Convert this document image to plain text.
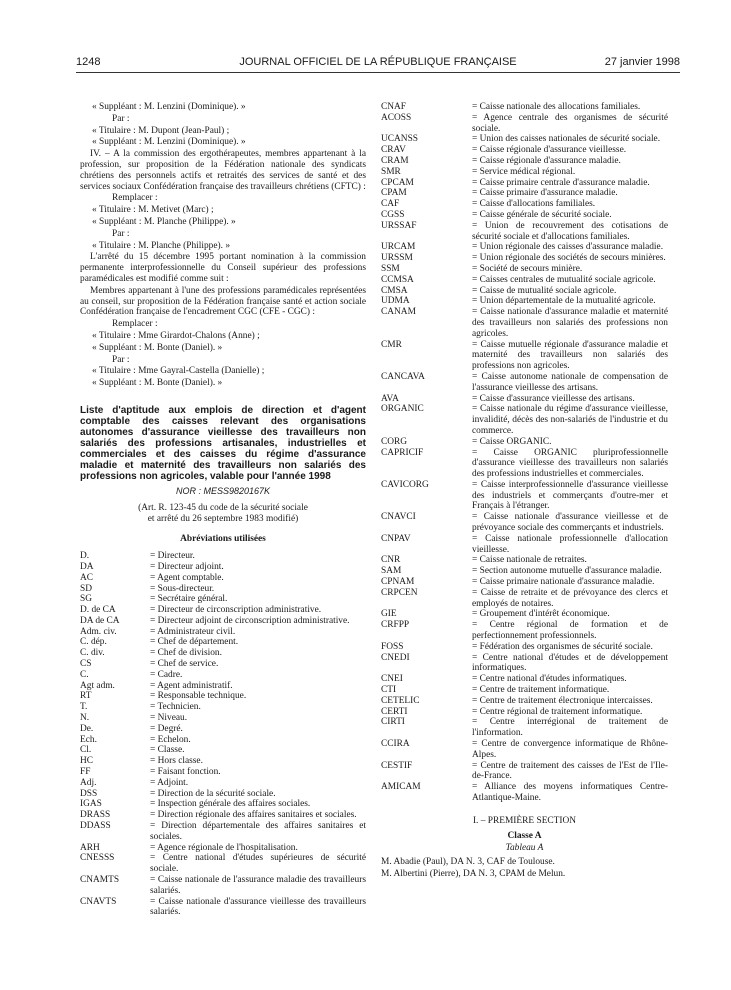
1248	JOURNAL OFFICIEL DE LA RÉPUBLIQUE FRANÇAISE	27 janvier 1998

« Suppléant : M. Lenzini (Dominique). »

Par :

« Titulaire : M. Dupont (Jean-Paul) ;

« Suppléant : M. Lenzini (Dominique). »

IV. – A la commission des ergothérapeutes, membres appartenant à la profession, sur proposition de la Fédération nationale des syndicats chrétiens des personnels actifs et retraités des services de santé et des services sociaux Confédération française des travailleurs chrétiens (CFTC) :

Remplacer :

« Titulaire : M. Metivet (Marc) ;

« Suppléant : M. Planche (Philippe). »

Par :

« Titulaire : M. Planche (Philippe). »

L'arrêté du 15 décembre 1995 portant nomination à la commission permanente interprofessionnelle du Conseil supérieur des professions paramédicales est modifié comme suit :

Membres appartenant à l'une des professions paramédicales représentées au conseil, sur proposition de la Fédération française santé et action sociale Confédération française de l'encadrement CGC (CFE - CGC) :

Remplacer :

« Titulaire : Mme Girardot-Chalons (Anne) ;

« Suppléant : M. Bonte (Daniel). »

Par :

« Titulaire : Mme Gayral-Castella (Danielle) ;

« Suppléant : M. Bonte (Daniel). »

Liste d'aptitude aux emplois de direction et d'agent comptable des caisses relevant des organisations autonomes d'assurance vieillesse des travailleurs non salariés des professions artisanales, industrielles et commerciales et des caisses du régime d'assurance maladie et maternité des travailleurs non salariés des professions non agricoles, valable pour l'année 1998
NOR : MESS9820167K

(Art. R. 123-45 du code de la sécurité sociale

et arrêté du 26 septembre 1983 modifié)

Abréviations utilisées
D.	= Directeur.
DA	= Directeur adjoint.
AC	= Agent comptable.
SD	= Sous-directeur.
SG	= Secrétaire général.
D. de CA	= Directeur de circonscription administrative.
DA de CA	= Directeur adjoint de circonscription administrative.
Adm. civ.	= Administrateur civil.
C. dép.	= Chef de département.
C. div.	= Chef de division.
CS	= Chef de service.
C.	= Cadre.
Agt adm.	= Agent administratif.
RT	= Responsable technique.
T.	= Technicien.
N.	= Niveau.
De.	= Degré.
Ech.	= Echelon.
Cl.	= Classe.
HC	= Hors classe.
FF	= Faisant fonction.
Adj.	= Adjoint.
DSS	= Direction de la sécurité sociale.
IGAS	= Inspection générale des affaires sociales.
DRASS	= Direction régionale des affaires sanitaires et sociales.
DDASS	= Direction départementale des affaires sanitaires et sociales.
ARH	= Agence régionale de l'hospitalisation.
CNESSS	= Centre national d'études supérieures de sécurité sociale.
CNAMTS	= Caisse nationale de l'assurance maladie des travailleurs salariés.
CNAVTS	= Caisse nationale d'assurance vieillesse des travailleurs salariés.
CNAF	= Caisse nationale des allocations familiales.
ACOSS	= Agence centrale des organismes de sécurité sociale.
UCANSS	= Union des caisses nationales de sécurité sociale.
CRAV	= Caisse régionale d'assurance vieillesse.
CRAM	= Caisse régionale d'assurance maladie.
SMR	= Service médical régional.
CPCAM	= Caisse primaire centrale d'assurance maladie.
CPAM	= Caisse primaire d'assurance maladie.
CAF	= Caisse d'allocations familiales.
CGSS	= Caisse générale de sécurité sociale.
URSSAF	= Union de recouvrement des cotisations de sécurité sociale et d'allocations familiales.
URCAM	= Union régionale des caisses d'assurance maladie.
URSSM	= Union régionale des sociétés de secours minières.
SSM	= Société de secours minière.
CCMSA	= Caisses centrales de mutualité sociale agricole.
CMSA	= Caisse de mutualité sociale agricole.
UDMA	= Union départementale de la mutualité agricole.
CANAM	= Caisse nationale d'assurance maladie et maternité des travailleurs non salariés des professions non agricoles.
CMR	= Caisse mutuelle régionale d'assurance maladie et maternité des travailleurs non salariés des professions non agricoles.
CANCAVA	= Caisse autonome nationale de compensation de l'assurance vieillesse des artisans.
AVA	= Caisse d'assurance vieillesse des artisans.
ORGANIC	= Caisse nationale du régime d'assurance vieillesse, invalidité, décès des non-salariés de l'industrie et du commerce.
CORG	= Caisse ORGANIC.
CAPRICIF	= Caisse ORGANIC pluriprofessionnelle d'assurance vieillesse des travailleurs non salariés des professions industrielles et commerciales.
CAVICORG	= Caisse interprofessionnelle d'assurance vieillesse des industriels et commerçants d'outre-mer et Français à l'étranger.
CNAVCI	= Caisse nationale d'assurance vieillesse et de prévoyance sociale des commerçants et industriels.
CNPAV	= Caisse nationale professionnelle d'allocation vieillesse.
CNR	= Caisse nationale de retraites.
SAM	= Section autonome mutuelle d'assurance maladie.
CPNAM	= Caisse primaire nationale d'assurance maladie.
CRPCEN	= Caisse de retraite et de prévoyance des clercs et employés de notaires.
GIE	= Groupement d'intérêt économique.
CRFPP	= Centre régional de formation et de perfectionnement professionnels.
FOSS	= Fédération des organismes de sécurité sociale.
CNEDI	= Centre national d'études et de développement informatiques.
CNEI	= Centre national d'études informatiques.
CTI	= Centre de traitement informatique.
CETELIC	= Centre de traitement électronique intercaisses.
CERTI	= Centre régional de traitement informatique.
CIRTI	= Centre interrégional de traitement de l'information.
CCIRA	= Centre de convergence informatique de Rhône-Alpes.
CESTIF	= Centre de traitement des caisses de l'Est de l'Ile-de-France.
AMICAM	= Alliance des moyens informatiques Centre-Atlantique-Maine.
I. – PREMIÈRE SECTION
Classe A
Tableau A

M. Abadie (Paul), DA N. 3, CAF de Toulouse.

M. Albertini (Pierre), DA N. 3, CPAM de Melun.
